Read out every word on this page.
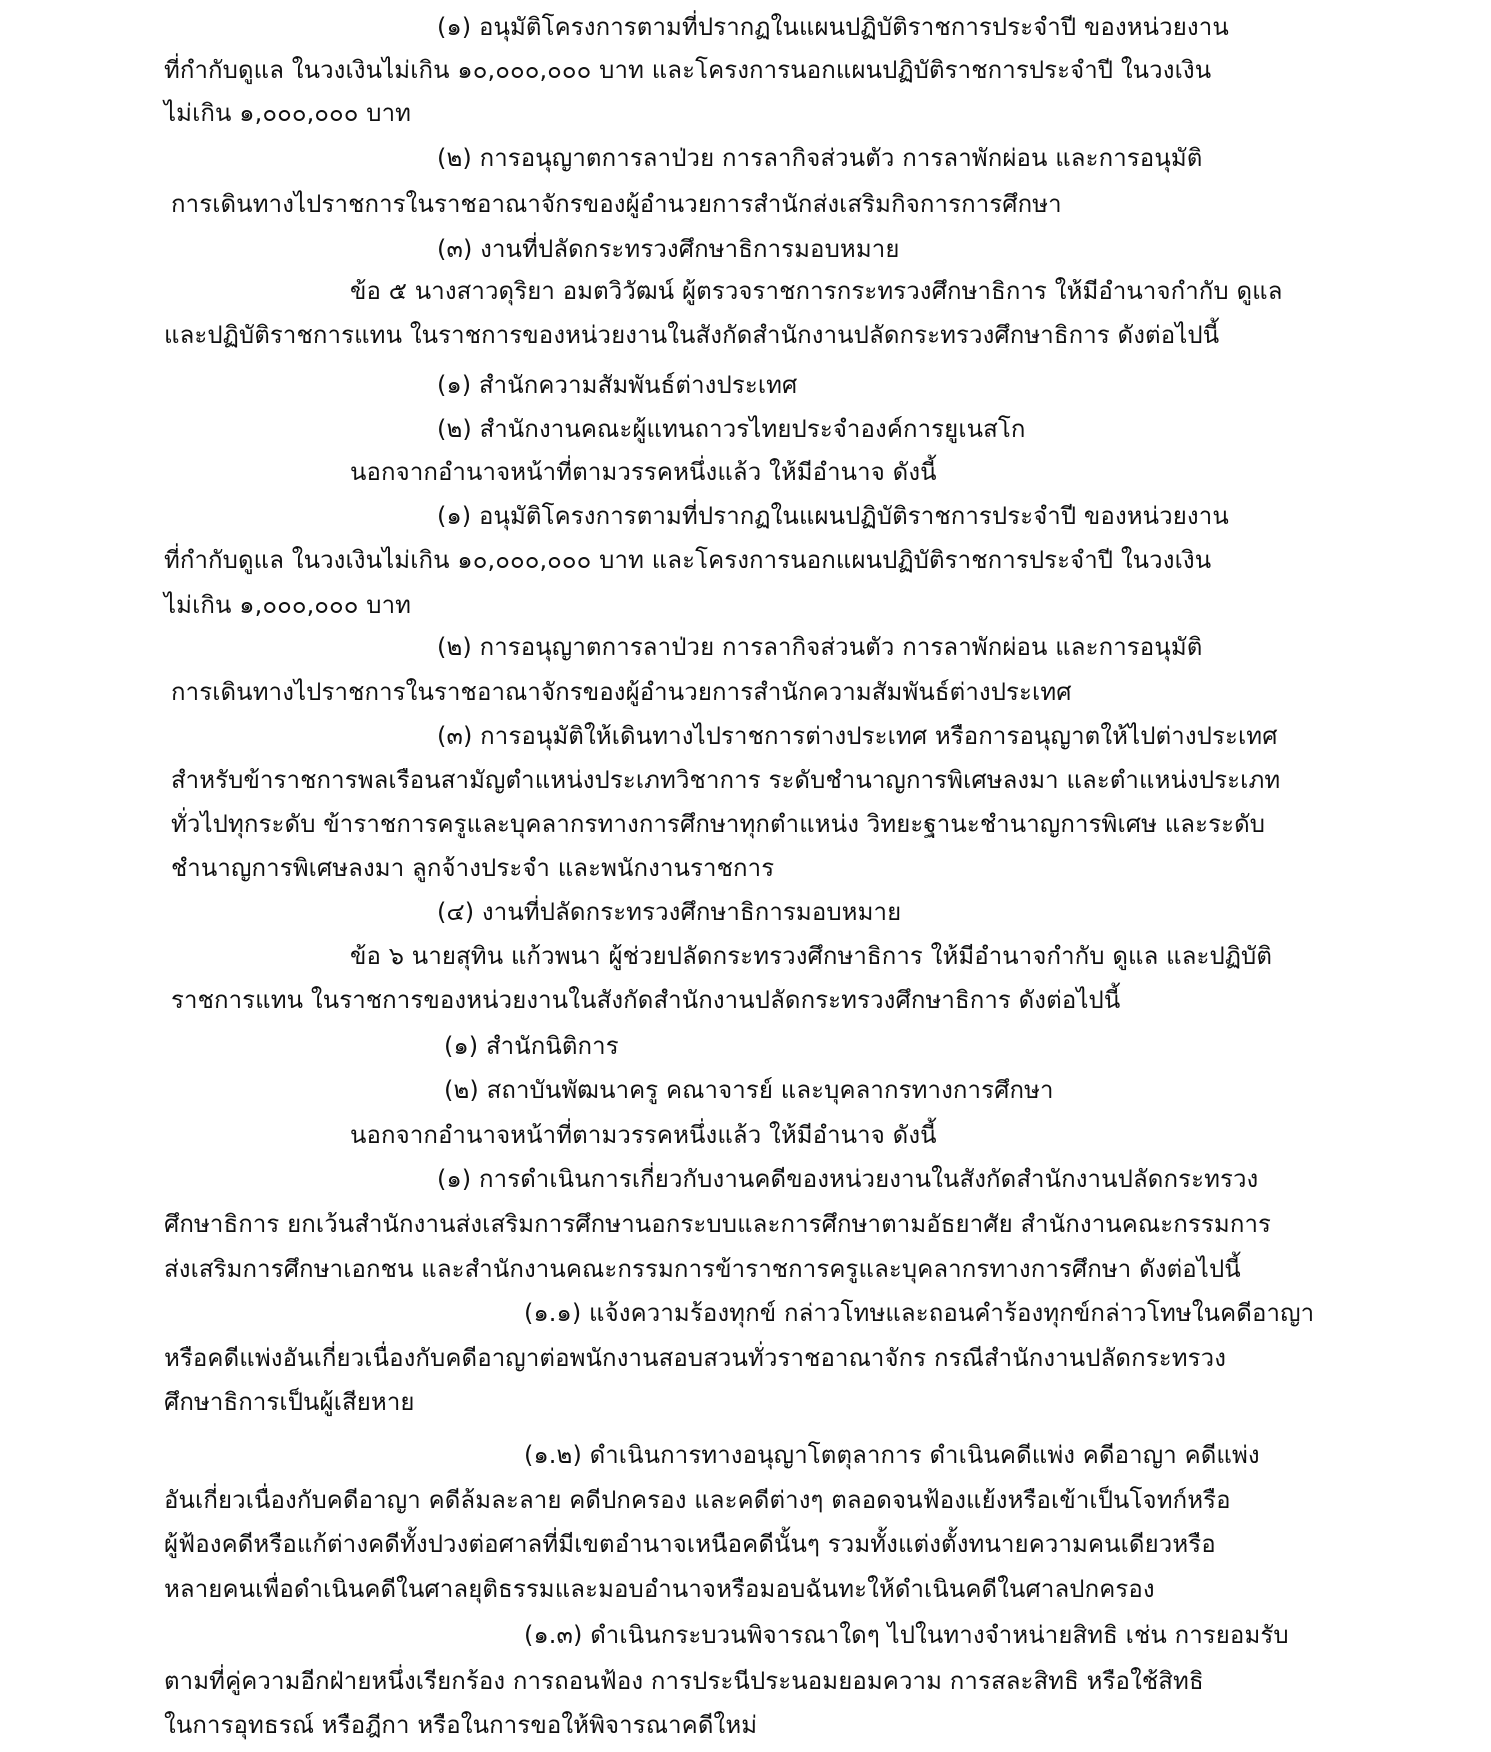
(๑) อนุมัติโครงการตามที่ปรากฏในแผนปฏิบัติราชการประจำปี ของหน่วยงาน
ที่กำกับดูแล ในวงเงินไม่เกิน ๑๐,๐๐๐,๐๐๐ บาท และโครงการนอกแผนปฏิบัติราชการประจำปี ในวงเงิน
ไม่เกิน ๑,๐๐๐,๐๐๐ บาท
(๒) การอนุญาตการลาป่วย การลากิจส่วนตัว การลาพักผ่อน และการอนุมัติ
การเดินทางไปราชการในราชอาณาจักรของผู้อำนวยการสำนักส่งเสริมกิจการการศึกษา
(๓) งานที่ปลัดกระทรวงศึกษาธิการมอบหมาย
ข้อ ๕ นางสาวดุริยา อมตวิวัฒน์ ผู้ตรวจราชการกระทรวงศึกษาธิการ ให้มีอำนาจกำกับ ดูแล
และปฏิบัติราชการแทน ในราชการของหน่วยงานในสังกัดสำนักงานปลัดกระทรวงศึกษาธิการ ดังต่อไปนี้
(๑) สำนักความสัมพันธ์ต่างประเทศ
(๒) สำนักงานคณะผู้แทนถาวรไทยประจำองค์การยูเนสโก
นอกจากอำนาจหน้าที่ตามวรรคหนึ่งแล้ว ให้มีอำนาจ ดังนี้
(๑) อนุมัติโครงการตามที่ปรากฏในแผนปฏิบัติราชการประจำปี ของหน่วยงาน
ที่กำกับดูแล ในวงเงินไม่เกิน ๑๐,๐๐๐,๐๐๐ บาท และโครงการนอกแผนปฏิบัติราชการประจำปี ในวงเงิน
ไม่เกิน ๑,๐๐๐,๐๐๐ บาท
(๒) การอนุญาตการลาป่วย การลากิจส่วนตัว การลาพักผ่อน และการอนุมัติ
การเดินทางไปราชการในราชอาณาจักรของผู้อำนวยการสำนักความสัมพันธ์ต่างประเทศ
(๓) การอนุมัติให้เดินทางไปราชการต่างประเทศ หรือการอนุญาตให้ไปต่างประเทศ
สำหรับข้าราชการพลเรือนสามัญตำแหน่งประเภทวิชาการ ระดับชำนาญการพิเศษลงมา และตำแหน่งประเภท
ทั่วไปทุกระดับ ข้าราชการครูและบุคลากรทางการศึกษาทุกตำแหน่ง วิทยะฐานะชำนาญการพิเศษ และระดับ
ชำนาญการพิเศษลงมา ลูกจ้างประจำ และพนักงานราชการ
(๔) งานที่ปลัดกระทรวงศึกษาธิการมอบหมาย
ข้อ ๖ นายสุทิน แก้วพนา ผู้ช่วยปลัดกระทรวงศึกษาธิการ ให้มีอำนาจกำกับ ดูแล และปฏิบัติ
ราชการแทน ในราชการของหน่วยงานในสังกัดสำนักงานปลัดกระทรวงศึกษาธิการ ดังต่อไปนี้
(๑) สำนักนิติการ
(๒) สถาบันพัฒนาครู คณาจารย์ และบุคลากรทางการศึกษา
นอกจากอำนาจหน้าที่ตามวรรคหนึ่งแล้ว ให้มีอำนาจ ดังนี้
(๑) การดำเนินการเกี่ยวกับงานคดีของหน่วยงานในสังกัดสำนักงานปลัดกระทรวง
ศึกษาธิการ ยกเว้นสำนักงานส่งเสริมการศึกษานอกระบบและการศึกษาตามอัธยาศัย สำนักงานคณะกรรมการ
ส่งเสริมการศึกษาเอกชน และสำนักงานคณะกรรมการข้าราชการครูและบุคลากรทางการศึกษา ดังต่อไปนี้
(๑.๑) แจ้งความร้องทุกข์ กล่าวโทษและถอนคำร้องทุกข์กล่าวโทษในคดีอาญา
หรือคดีแพ่งอันเกี่ยวเนื่องกับคดีอาญาต่อพนักงานสอบสวนทั่วราชอาณาจักร กรณีสำนักงานปลัดกระทรวง
ศึกษาธิการเป็นผู้เสียหาย
(๑.๒) ดำเนินการทางอนุญาโตตุลาการ ดำเนินคดีแพ่ง คดีอาญา คดีแพ่ง
อันเกี่ยวเนื่องกับคดีอาญา คดีล้มละลาย คดีปกครอง และคดีต่างๆ ตลอดจนฟ้องแย้งหรือเข้าเป็นโจทก์หรือ
ผู้ฟ้องคดีหรือแก้ต่างคดีทั้งปวงต่อศาลที่มีเขตอำนาจเหนือคดีนั้นๆ รวมทั้งแต่งตั้งทนายความคนเดียวหรือ
หลายคนเพื่อดำเนินคดีในศาลยุติธรรมและมอบอำนาจหรือมอบฉันทะให้ดำเนินคดีในศาลปกครอง
(๑.๓) ดำเนินกระบวนพิจารณาใดๆ ไปในทางจำหน่ายสิทธิ เช่น การยอมรับ
ตามที่คู่ความอีกฝ่ายหนึ่งเรียกร้อง การถอนฟ้อง การประนีประนอมยอมความ การสละสิทธิ หรือใช้สิทธิ
ในการอุทธรณ์ หรือฎีกา หรือในการขอให้พิจารณาคดีใหม่
